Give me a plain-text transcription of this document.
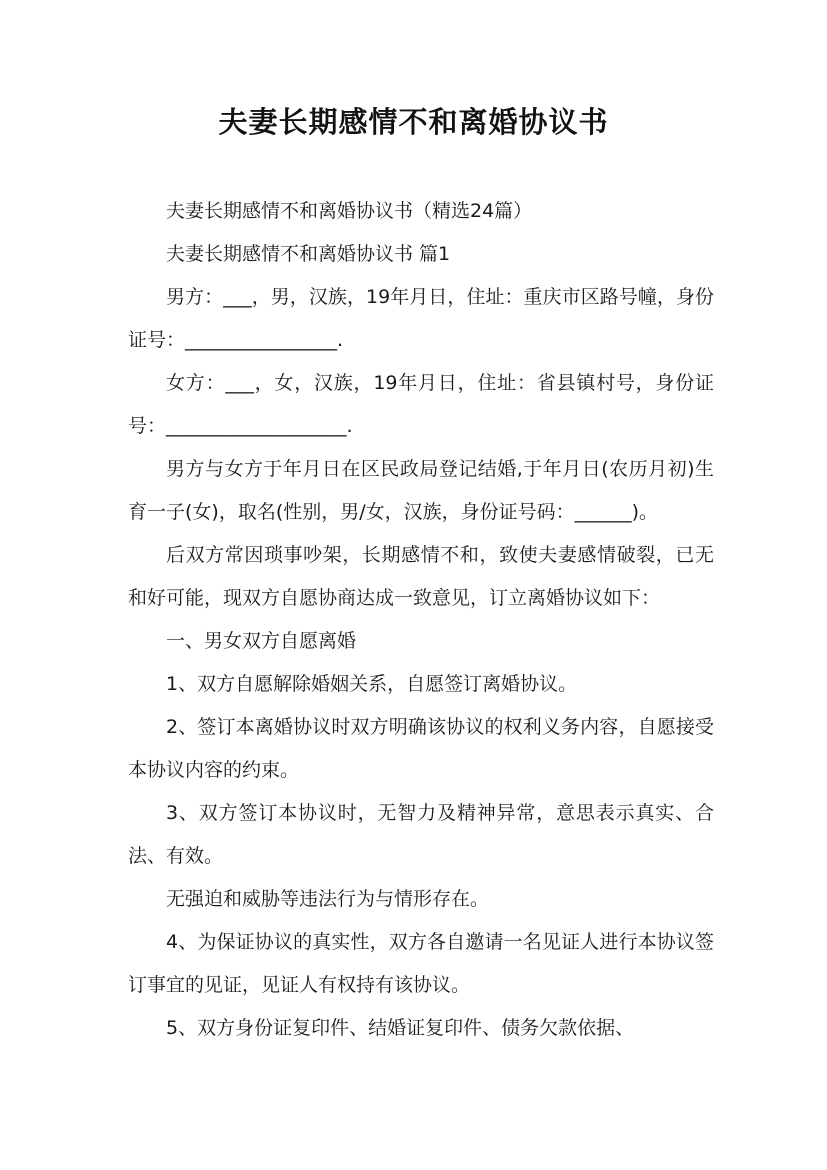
夫妻长期感情不和离婚协议书

夫妻长期感情不和离婚协议书（精选24篇）

夫妻长期感情不和离婚协议书 篇1

男方：___，男，汉族，19年月日，住址：重庆市区路号幢，身份证号：________________.

女方：___，女，汉族，19年月日，住址：省县镇村号，身份证号：___________________.

男方与女方于年月日在区民政局登记结婚,于年月日(农历月初)生育一子(女)，取名(性别，男/女，汉族，身份证号码：______)。

后双方常因琐事吵架，长期感情不和，致使夫妻感情破裂，已无和好可能，现双方自愿协商达成一致意见，订立离婚协议如下：

一、男女双方自愿离婚

1、双方自愿解除婚姻关系，自愿签订离婚协议。

2、签订本离婚协议时双方明确该协议的权利义务内容，自愿接受本协议内容的约束。

3、双方签订本协议时，无智力及精神异常，意思表示真实、合法、有效。

无强迫和威胁等违法行为与情形存在。

4、为保证协议的真实性，双方各自邀请一名见证人进行本协议签订事宜的见证，见证人有权持有该协议。

5、双方身份证复印件、结婚证复印件、债务欠款依据、
